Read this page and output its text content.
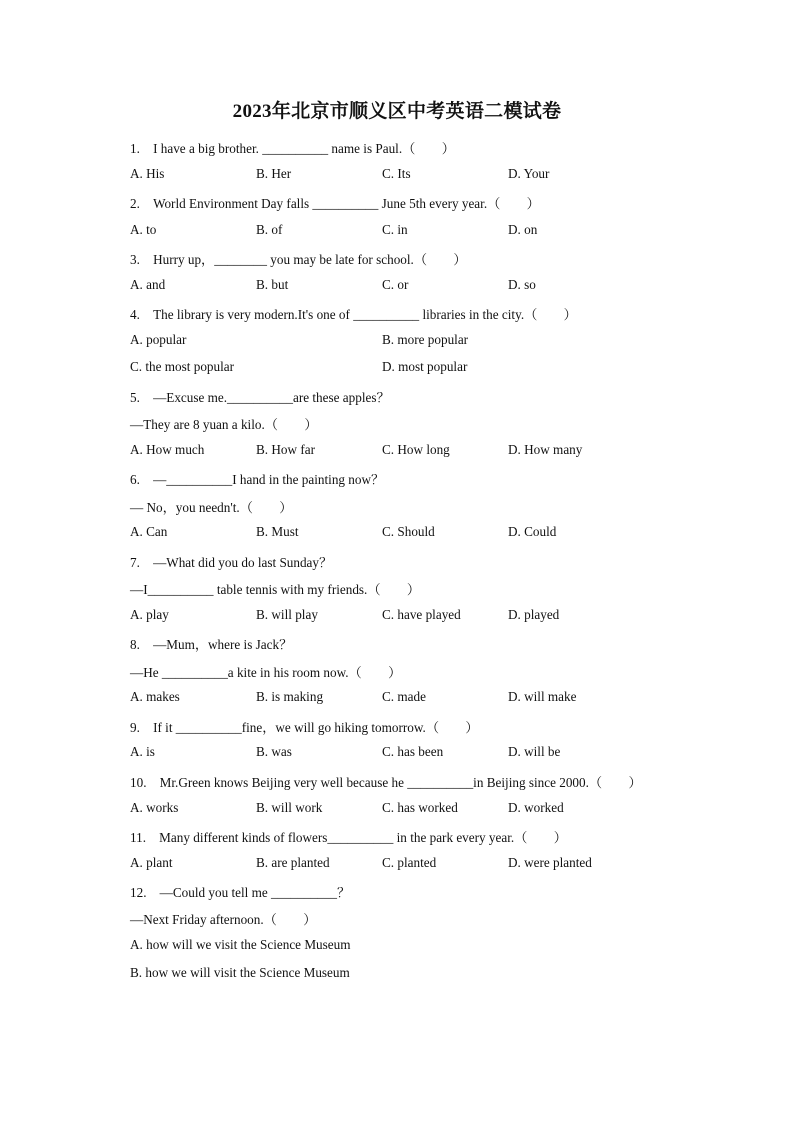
2023年北京市顺义区中考英语二模试卷
1.　I have a big brother. __________ name is Paul.（　　）
A. His	B. Her	C. Its	D. Your
2.　World Environment Day falls __________ June 5th every year.（　　）
A. to	B. of	C. in	D. on
3.　Hurry up，________ you may be late for school.（　　）
A. and	B. but	C. or	D. so
4.　The library is very modern.It's one of __________ libraries in the city.（　　）
A. popular	B. more popular
C. the most popular	D. most popular
5.　—Excuse me.__________are these apples？
—They are 8 yuan a kilo.（　　）
A. How much	B. How far	C. How long	D. How many
6.　—__________I hand in the painting now？
— No，you needn't.（　　）
A. Can	B. Must	C. Should	D. Could
7.　—What did you do last Sunday？
—I__________ table tennis with my friends.（　　）
A. play	B. will play	C. have played	D. played
8.　—Mum，where is Jack？
—He __________a kite in his room now.（　　）
A. makes	B. is making	C. made	D. will make
9.　If it __________fine，we will go hiking tomorrow.（　　）
A. is	B. was	C. has been	D. will be
10.　Mr.Green knows Beijing very well because he __________in Beijing since 2000.（　　）
A. works	B. will work	C. has worked	D. worked
11.　Many different kinds of flowers__________ in the park every year.（　　）
A. plant	B. are planted	C. planted	D. were planted
12.　—Could you tell me __________？
—Next Friday afternoon.（　　）
A. how will we visit the Science Museum
B. how we will visit the Science Museum
